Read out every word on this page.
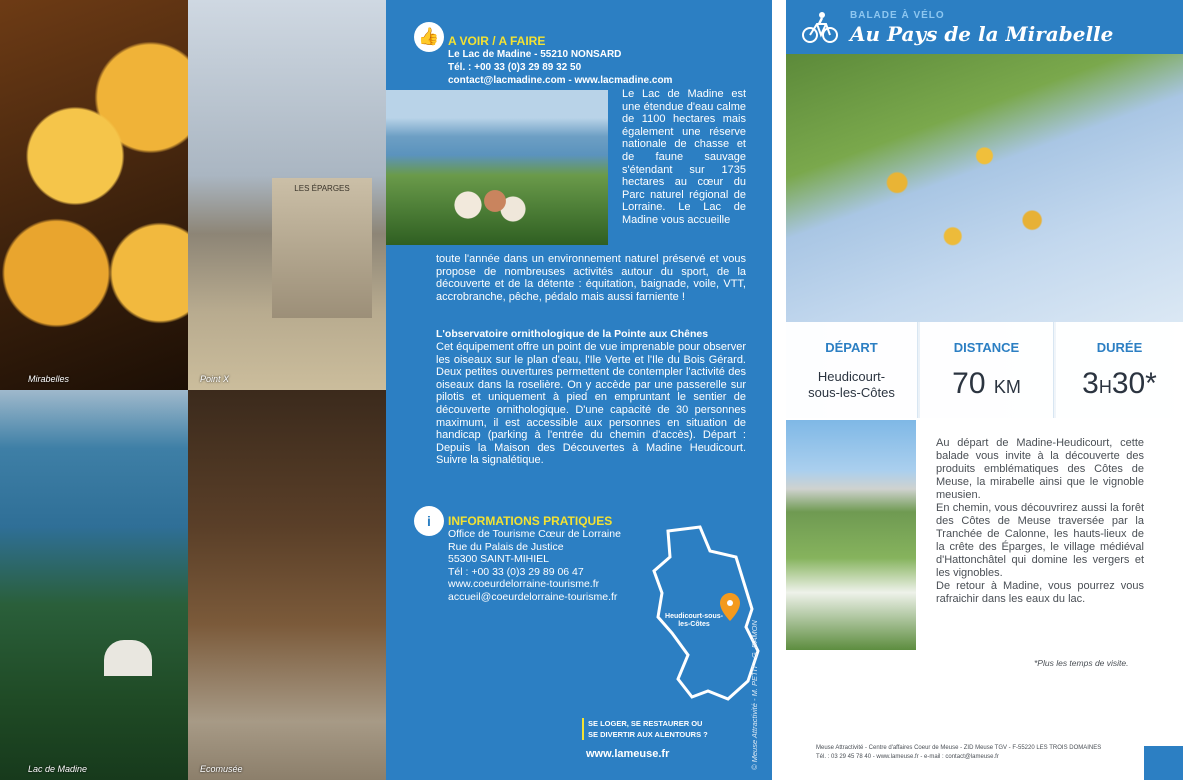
Mirabelles
LES ÉPARGES
Point X
Lac de Madine	Ecomusée
👍 A VOIR / A FAIRE
Le Lac de Madine - 55210 NONSARD
Tél. : +00 33 (0)3 29 89 32 50
contact@lacmadine.com - www.lacmadine.com
Le Lac de Madine est une étendue d'eau calme de 1100 hectares mais également une réserve nationale de chasse et de faune sauvage s'étendant sur 1735 hectares au cœur du Parc naturel régional de Lorraine. Le Lac de Madine vous accueille
toute l'année dans un environnement naturel préservé et vous propose de nombreuses activités autour du sport, de la découverte et de la détente : équitation, baignade, voile, VTT, accrobranche, pêche, pédalo mais aussi farniente !
L'observatoire ornithologique de la Pointe aux Chênes
Cet équipement offre un point de vue imprenable pour observer les oiseaux sur le plan d'eau, l'Ile Verte et l'Ile du Bois Gérard. Deux petites ouvertures permettent de contempler l'activité des oiseaux dans la roselière. On y accède par une passerelle sur pilotis et uniquement à pied en empruntant le sentier de découverte ornithologique. D'une capacité de 30 personnes maximum, il est accessible aux personnes en situation de handicap (parking à l'entrée du chemin d'accès). Départ : Depuis la Maison des Découvertes à Madine Heudicourt. Suivre la signalétique.
i	INFORMATIONS PRATIQUES
Office de Tourisme Cœur de Lorraine
Rue du Palais de Justice
55300 SAINT-MIHIEL
Tél : +00 33 (0)3 29 89 06 47
www.coeurdelorraine-tourisme.fr
accueil@coeurdelorraine-tourisme.fr
Heudicourt-sous-les-Côtes	© Meuse Attractivité - M. PETIT - G. RAMON
SE LOGER, SE RESTAURER OU
SE DIVERTIR AUX ALENTOURS ?
www.lameuse.fr
BALADE À VÉLO
Au Pays de la Mirabelle
DÉPART
Heudicourt-
sous-les-Côtes
DISTANCE
70 KM
DURÉE
3H30*

Au départ de Madine-Heudicourt, cette balade vous invite à la découverte des produits emblématiques des Côtes de Meuse, la mirabelle ainsi que le vignoble meusien.

En chemin, vous découvrirez aussi la forêt des Côtes de Meuse traversée par la Tranchée de Calonne, les hauts-lieux de la crête des Éparges, le village médiéval d'Hattonchâtel qui domine les vergers et les vignobles.

De retour à Madine, vous pourrez vous rafraichir dans les eaux du lac.

*Plus les temps de visite.
Meuse Attractivité - Centre d'affaires Coeur de Meuse - ZID Meuse TGV - F-55220 LES TROIS DOMAINES
Tél. : 03 29 45 78 40 - www.lameuse.fr - e-mail : contact@lameuse.fr
